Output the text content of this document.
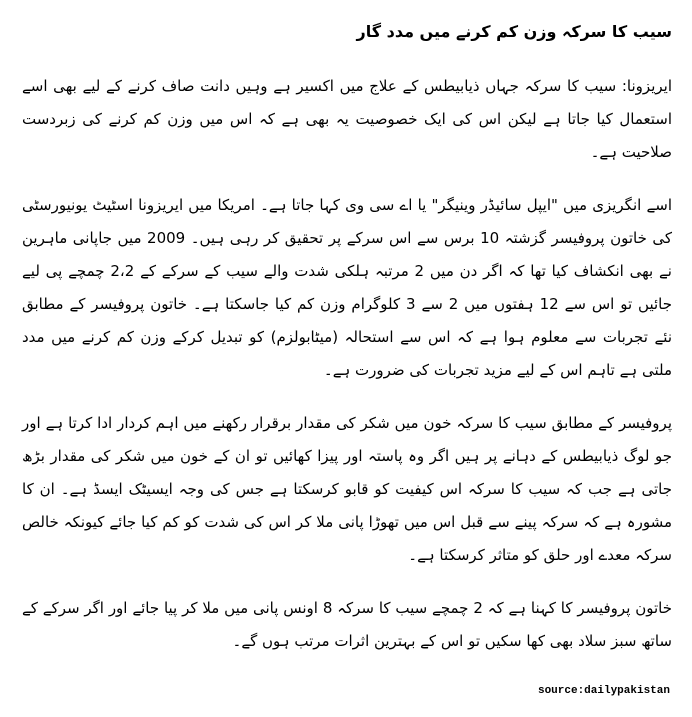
سیب کا سرکہ وزن کم کرنے میں مدد گار

ایریزونا: سیب کا سرکہ جہاں ذیابیطس کے علاج میں اکسیر ہے وہیں دانت صاف کرنے کے لیے بھی اسے استعمال کیا جاتا ہے لیکن اس کی ایک خصوصیت یہ بھی ہے کہ اس میں وزن کم کرنے کی زبردست صلاحیت ہے۔

اسے انگریزی میں "ایپل سائیڈر وینیگر" یا اے سی وی کہا جاتا ہے۔ امریکا میں ایریزونا اسٹیٹ یونیورسٹی کی خاتون پروفیسر گزشتہ 10 برس سے اس سرکے پر تحقیق کر رہی ہیں۔ 2009 میں جاپانی ماہرین نے بھی انکشاف کیا تھا کہ اگر دن میں 2 مرتبہ ہلکی شدت والے سیب کے سرکے کے 2،2 چمچے پی لیے جائیں تو اس سے 12 ہفتوں میں 2 سے 3 کلوگرام وزن کم کیا جاسکتا ہے۔ خاتون پروفیسر کے مطابق نئے تجربات سے معلوم ہوا ہے کہ اس سے استحالہ (میٹابولزم) کو تبدیل کرکے وزن کم کرنے میں مدد ملتی ہے تاہم اس کے لیے مزید تجربات کی ضرورت ہے۔

پروفیسر کے مطابق سیب کا سرکہ خون میں شکر کی مقدار برقرار رکھنے میں اہم کردار ادا کرتا ہے اور جو لوگ ذیابیطس کے دہانے پر ہیں اگر وہ پاستہ اور پیزا کھائیں تو ان کے خون میں شکر کی مقدار بڑھ جاتی ہے جب کہ سیب کا سرکہ اس کیفیت کو قابو کرسکتا ہے جس کی وجہ ایسیٹک ایسڈ ہے۔ ان کا مشورہ ہے کہ سرکہ پینے سے قبل اس میں تھوڑا پانی ملا کر اس کی شدت کو کم کیا جائے کیونکہ خالص سرکہ معدے اور حلق کو متاثر کرسکتا ہے۔

خاتون پروفیسر کا کہنا ہے کہ 2 چمچے سیب کا سرکہ 8 اونس پانی میں ملا کر پیا جائے اور اگر سرکے کے ساتھ سبز سلاد بھی کھا سکیں تو اس کے بہترین اثرات مرتب ہوں گے۔

source:dailypakistan
